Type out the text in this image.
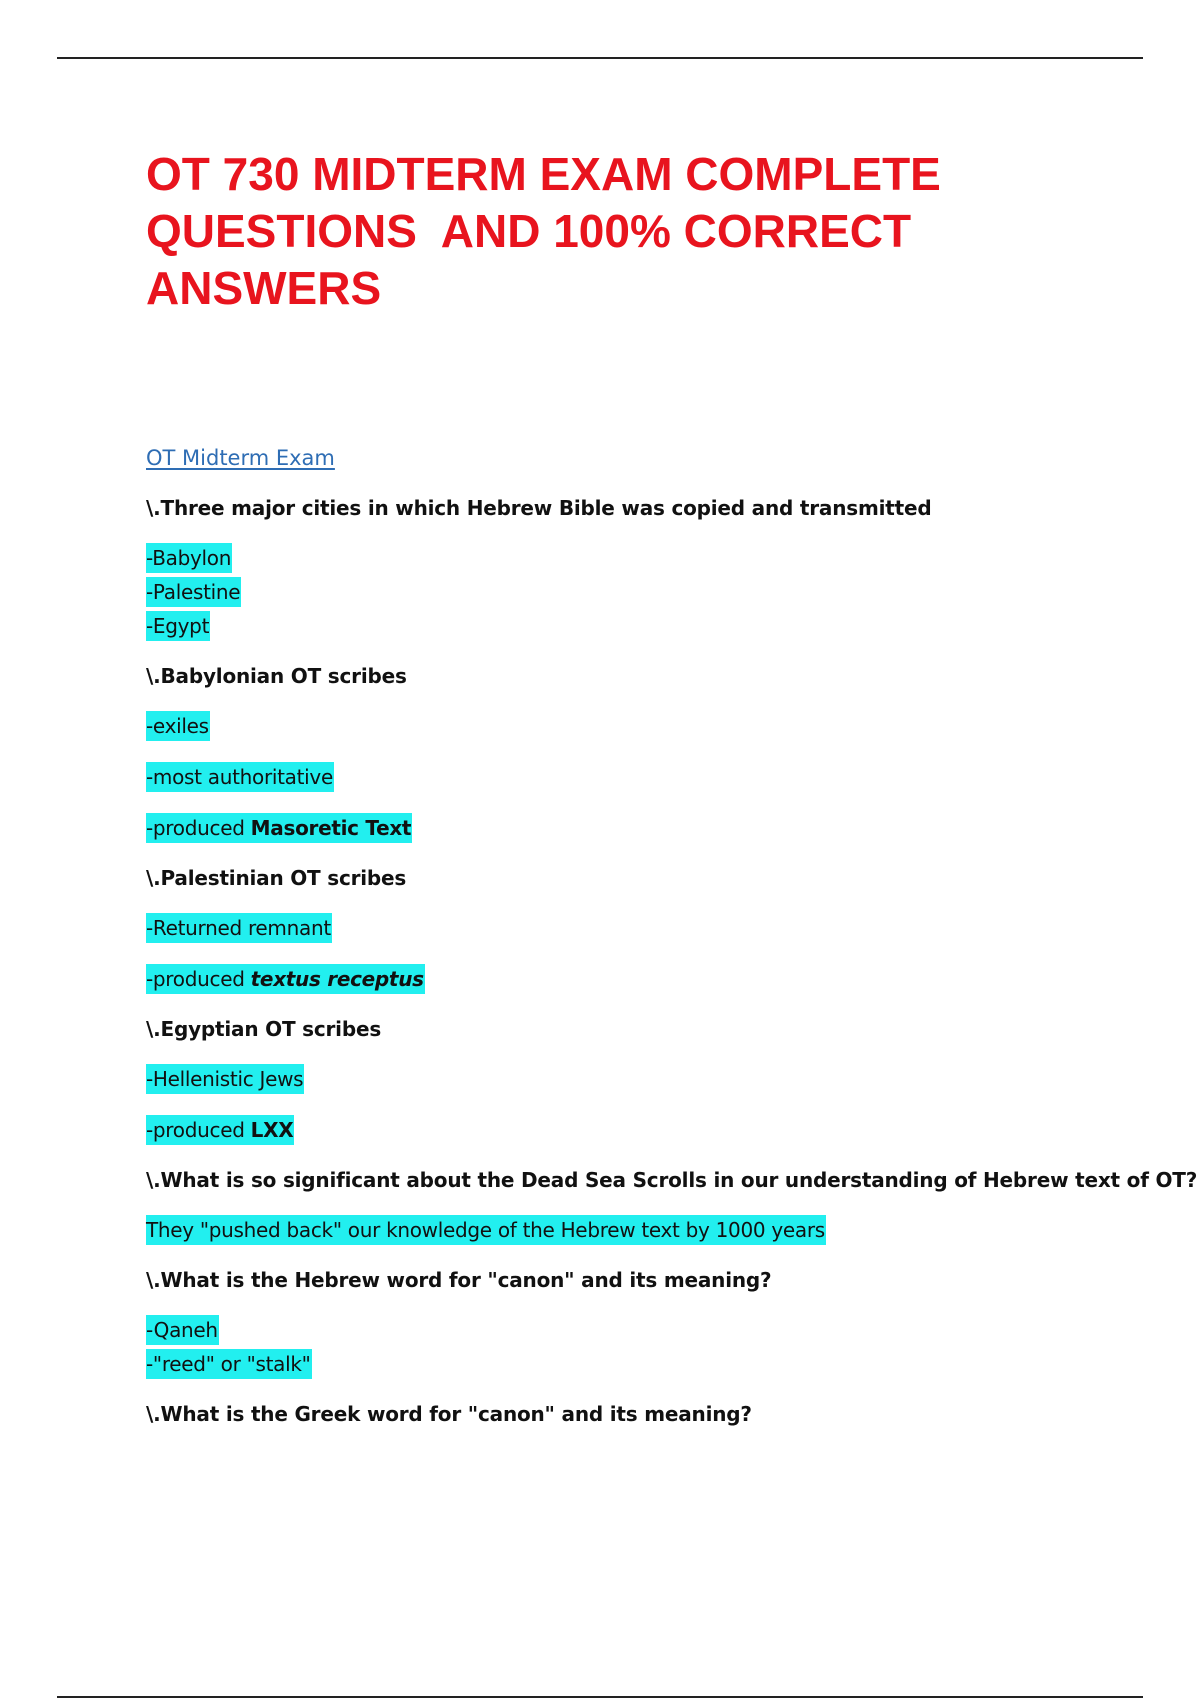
OT 730 MIDTERM EXAM COMPLETE
QUESTIONS  AND 100% CORRECT
ANSWERS
OT Midterm Exam
\.Three major cities in which Hebrew Bible was copied and transmitted
-Babylon
-Palestine
-Egypt
\.Babylonian OT scribes
-exiles
-most authoritative
-produced Masoretic Text
\.Palestinian OT scribes
-Returned remnant
-produced textus receptus
\.Egyptian OT scribes
-Hellenistic Jews
-produced LXX
\.What is so significant about the Dead Sea Scrolls in our understanding of Hebrew text of OT?
They "pushed back" our knowledge of the Hebrew text by 1000 years
\.What is the Hebrew word for "canon" and its meaning?
-Qaneh
-"reed" or "stalk"
\.What is the Greek word for "canon" and its meaning?
